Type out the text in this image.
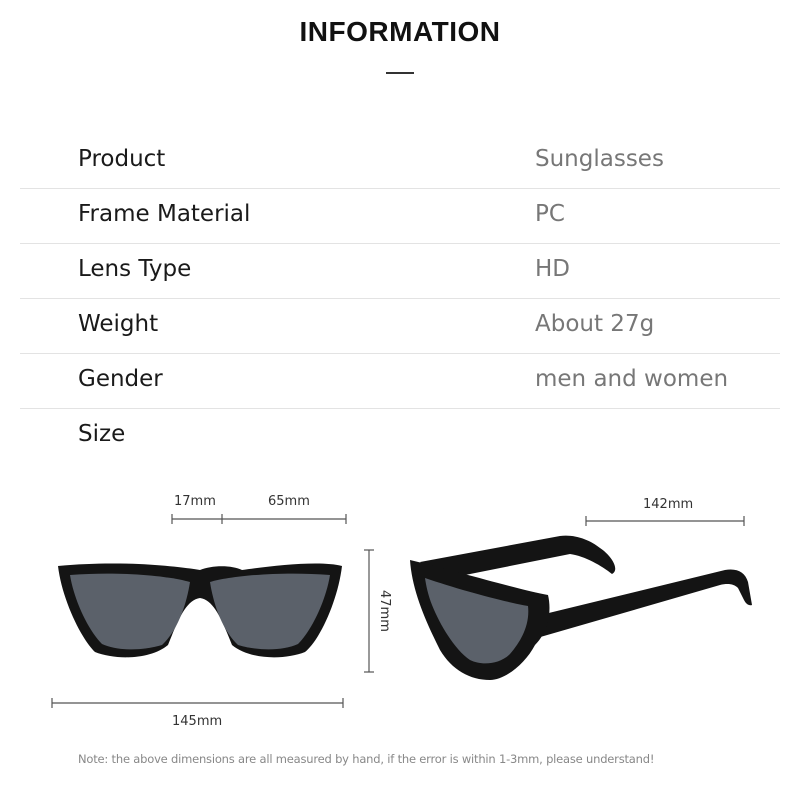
INFORMATION
Product	Sunglasses
Frame Material	PC
Lens Type	HD
Weight	About 27g
Gender	men and women
Size
17mm	65mm
47mm
145mm
142mm
Note: the above dimensions are all measured by hand, if the error is within 1-3mm, please understand!
